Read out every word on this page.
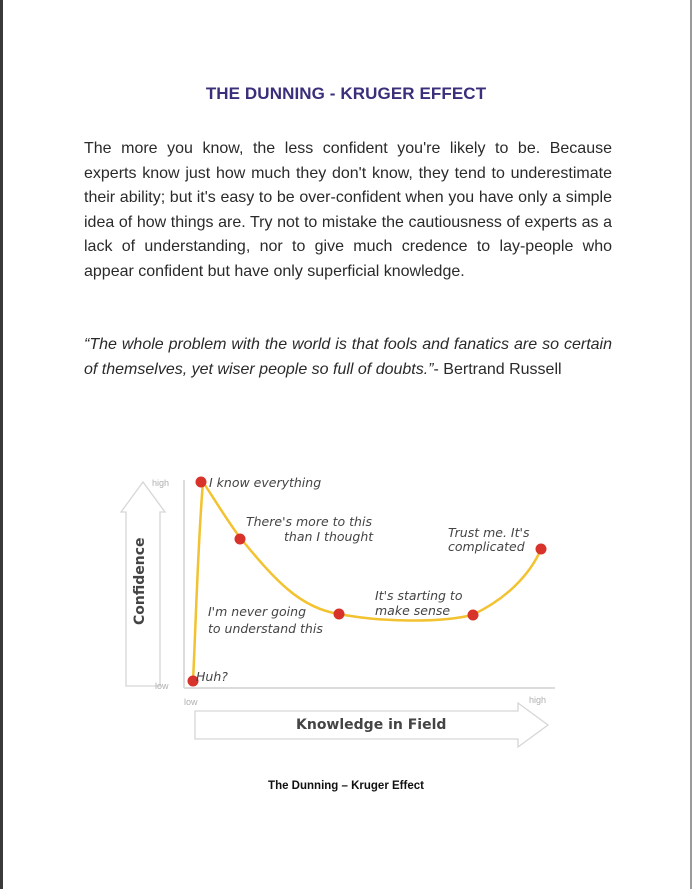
THE DUNNING - KRUGER EFFECT
The more you know, the less confident you're likely to be. Because experts know just how much they don't know, they tend to underestimate their ability; but it's easy to be over-confident when you have only a simple idea of how things are. Try not to mistake the cautiousness of experts as a lack of understanding, nor to give much credence to lay-people who appear confident but have only superficial knowledge.
“The whole problem with the world is that fools and fanatics are so certain of themselves, yet wiser people so full of doubts.”- Bertrand Russell
high
low
low	high
Confidence
Knowledge in Field
Huh?
I know everything
There's more to this
than I thought
I'm never going
to understand this
It's starting to
make sense
Trust me. It's
complicated
The Dunning – Kruger Effect
